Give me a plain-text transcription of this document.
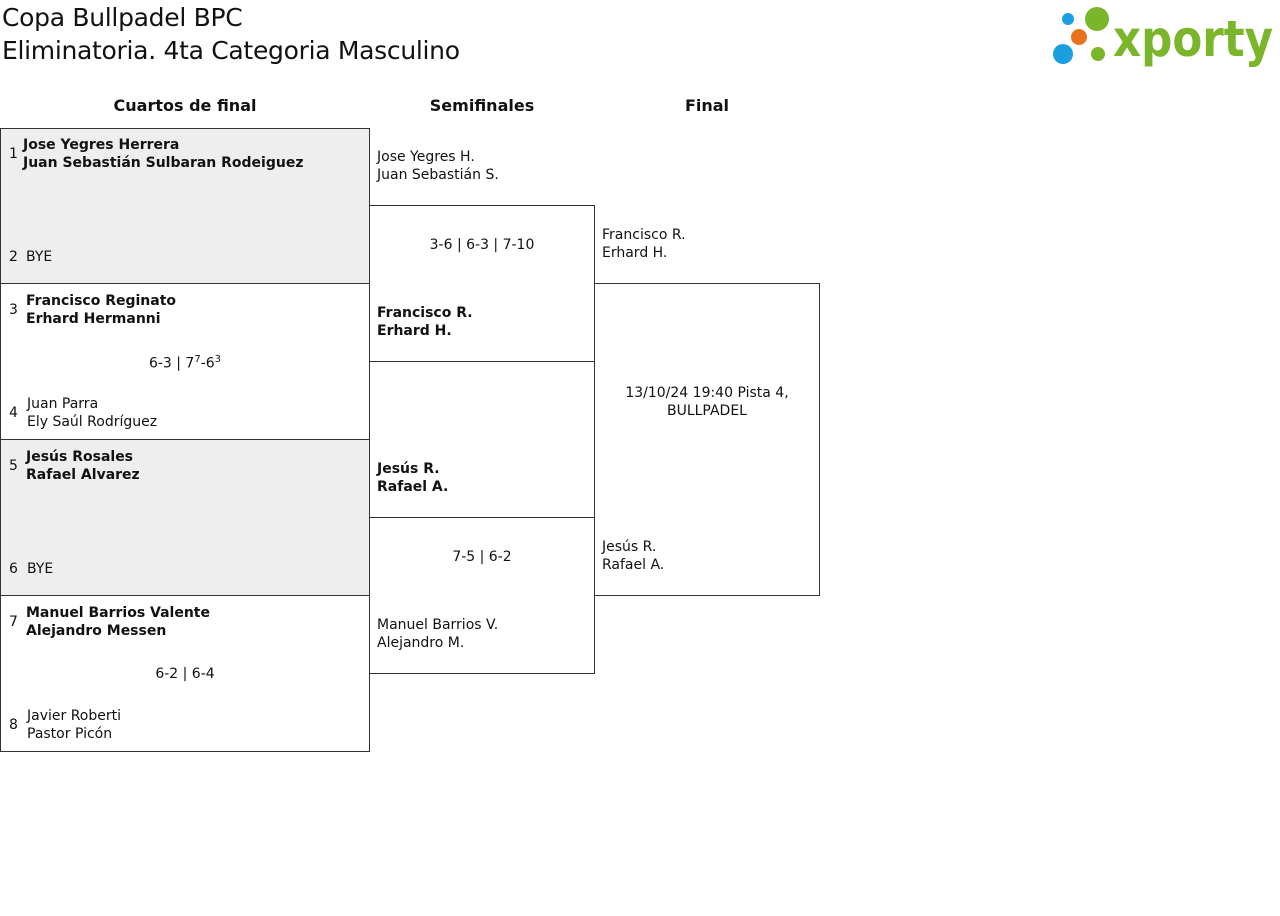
Copa Bullpadel BPC
Eliminatoria. 4ta Categoria Masculino	xporty
Cuartos de final	Semifinales	Final
1
Jose Yegres Herrera
Juan Sebastián Sulbaran Rodeiguez
2 BYE
3
Francisco Reginato
Erhard Hermanni
6-3 | $7^7-6^3$
4
Juan Parra
Ely Saúl Rodríguez
5
Jesús Rosales
Rafael Alvarez
6 BYE
7
Manuel Barrios Valente
Alejandro Messen
6-2 | 6-4
8
Javier Roberti
Pastor Picón
Jose Yegres H.
Juan Sebastián S.
3-6 | 6-3 | 7-10
Francisco R.
Erhard H.
Jesús R.
Rafael A.
7-5 | 6-2
Manuel Barrios V.
Alejandro M.
Francisco R.
Erhard H.
13/10/24 19:40 Pista 4,
BULLPADEL
Jesús R.
Rafael A.
